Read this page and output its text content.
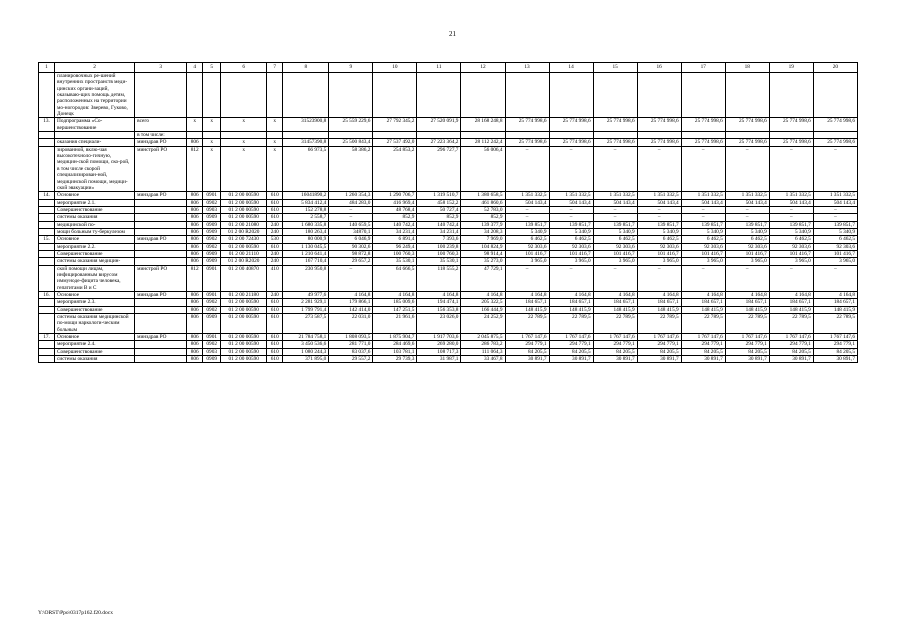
21
1	2	3	4	5	6	7	8	9	10	11	12	13	14	15	16	17	18	19	20
	планировочных ре-шений внутренних пространств меди-цинских органи-заций, оказываю-щих помощь детям, расположенных на территории мо-ногородов: Зверево, Гуково, Донецк																		
13.	Подпрограмма «Со-вершенствование	всего	x	x	x	x	31523900,8	25 559 229,6	27 792 345,2	27 520 091,9	28 168 248,8	25 774 998,6	25 774 998,6	25 774 998,6	25 774 998,6	25 774 998,6	25 774 998,6	25 774 998,6	25 774 998,6
		в том числе:																	
	оказания специали-	минздрав РО	806	x	x	x	31457390,8	25 500 843,4	27 537 492,0	27 223 364,2	28 112 242,4	25 774 998,6	25 774 998,6	25 774 998,6	25 774 998,6	25 774 998,6	25 774 998,6	25 774 998,6	25 774 998,6
	зированной, вклю-чая высокотехноло-гичную, медицин-ской помощи, ско-рой, в том числе скорой специализирован-ной, медицинской помощи, медици-ской эвакуации»	минстрой РО	812	x	x	x	66 973,5	58 386,2	254 853,2	296 727,7	56 006,4	–	–	–	–	–	–	–	–
14.	Основное	минздрав РО	806	0901	01 2 00 00590	610	16041890,2	1 260 354,3	1 290 706,7	1 319 510,7	1 380 658,5	1 351 332,5	1 351 332,5	1 351 332,5	1 351 332,5	1 351 332,5	1 351 332,5	1 351 332,5	1 351 332,5
	мероприятие 2.1.		806	0902	01 2 00 00590	610	5 834 412,4	484 283,0	416 969,4	458 152,2	461 860,6	504 143,4	504 143,4	504 143,4	504 143,4	504 143,4	504 143,4	504 143,4	504 143,4
	Совершенствование		806	0903	01 2 00 00590	610	152 278,8	–	48 768,4	50 727,4	52 783,0	–	–	–	–	–	–	–	–
	системы оказания		806	0909	01 2 00 00590	610	2 558,7	–	852,9	852,9	852,9	–	–	–	–	–	–	–	–
	медицинской по-		806	0909	01 2 00 21080	240	1 680 335,8	140 659,5	140 742,4	140 742,4	139 377,9	139 851,7	139 851,7	139 851,7	139 851,7	139 851,7	139 851,7	139 851,7	139 851,7
	мощи больным ту-беркулезом		806	0909	01 2 00 R2020	240	180 263,4	34870,1	34 231,4	34 231,4	34 208,3	5 340,9	5 340,9	5 340,9	5 340,9	5 340,9	5 340,9	5 340,9	5 340,9
15.	Основное	минздрав РО	806	0902	01 2 00 72430	530	80 000,9	6 046,9	6 891,4	7 393,6	7 969,0	6 462,5	6 462,5	6 462,5	6 462,5	6 462,5	6 462,5	6 462,5	6 462,5
	мероприятие 2.2.		806	0902	01 2 00 00590	610	1 130 045,5	90 302,6	96 249,4	100 239,8	104 824,9	92 303,6	92 303,6	92 303,6	92 303,6	92 303,6	92 303,6	92 303,6	92 303,6
	Совершенствование		806	0909	01 2 00 21110	240	1 210 641,4	98 872,8	100 760,3	100 760,3	98 914,4	101 416,7	101 416,7	101 416,7	101 416,7	101 416,7	101 416,7	101 416,7	101 416,7
	системы оказания медицин-		806	0909	01 2 00 R2020	240	167 710,4	29 657,2	35 530,1	35 530,1	35 273,0	3 965,0	3 965,0	3 965,0	3 965,0	3 965,0	3 965,0	3 965,0	3 965,0
	ской помощи лицам, инфицированным вирусом иммуноде-фицита человека, гепатитами В и С	минстрой РО	812	0901	01 2 00 40870	410	230 950,8	–	64 666,5	118 555,2	47 729,1	–	–	–	–	–	–	–	–
16.	Основное	минздрав РО	806	0901	01 2 00 21180	240	49 977,6	4 164,8	4 164,8	4 164,8	4 164,8	4 164,8	4 164,8	4 164,8	4 164,8	4 164,8	4 164,8	4 164,8	4 164,8
	мероприятие 2.3.		806	0902	01 2 00 00590	610	2 281 929,1	179 866,1	185 009,6	194 474,1	205 322,5	184 657,1	184 657,1	184 657,1	184 657,1	184 657,1	184 657,1	184 657,1	184 657,1
	Совершенствование		806	0902	01 2 00 00590	610	1 799 791,4	142 414,0	147 251,5	156 353,8	166 444,9	148 415,9	148 415,9	148 415,9	148 415,9	148 415,9	148 415,9	148 415,9	148 415,9
	системы оказания медицинской по-мощи наркологи-ческим больным		806	0909	01 2 00 00590	610	273 587,5	22 031,0	21 961,6	23 026,0	24 252,9	22 789,5	22 789,5	22 789,5	22 789,5	22 789,5	22 789,5	22 789,5	22 789,5
17.	Основное	минздрав РО	806	0901	01 2 00 00590	610	21 784 758,1	1 808 093,5	1 875 904,7	1 917 703,6	2 045 875,5	1 767 147,6	1 767 147,6	1 767 147,6	1 767 147,6	1 767 147,6	1 767 147,6	1 767 147,6	1 767 147,6
	мероприятие 2.4.		806	0902	01 2 00 00590	610	3 450 536,6	281 771,0	284 469,6	269 280,0	286 783,2	294 779,1	294 779,1	294 779,1	294 779,1	294 779,1	294 779,1	294 779,1	294 779,1
	Совершенствование		806	0903	01 2 00 00590	610	1 080 244,3	83 037,6	103 781,1	108 717,3	111 064,3	84 205,5	84 205,5	84 205,5	84 205,5	84 205,5	84 205,5	84 205,5	84 205,5
	системы оказания		806	0909	01 2 00 00590	610	371 895,0	29 557,2	29 739,3	31 987,1	33 467,8	30 891,7	30 891,7	30 891,7	30 891,7	30 891,7	30 891,7	30 891,7	30 891,7
Y:\ORST\Ppo\0317p162.f20.docx
